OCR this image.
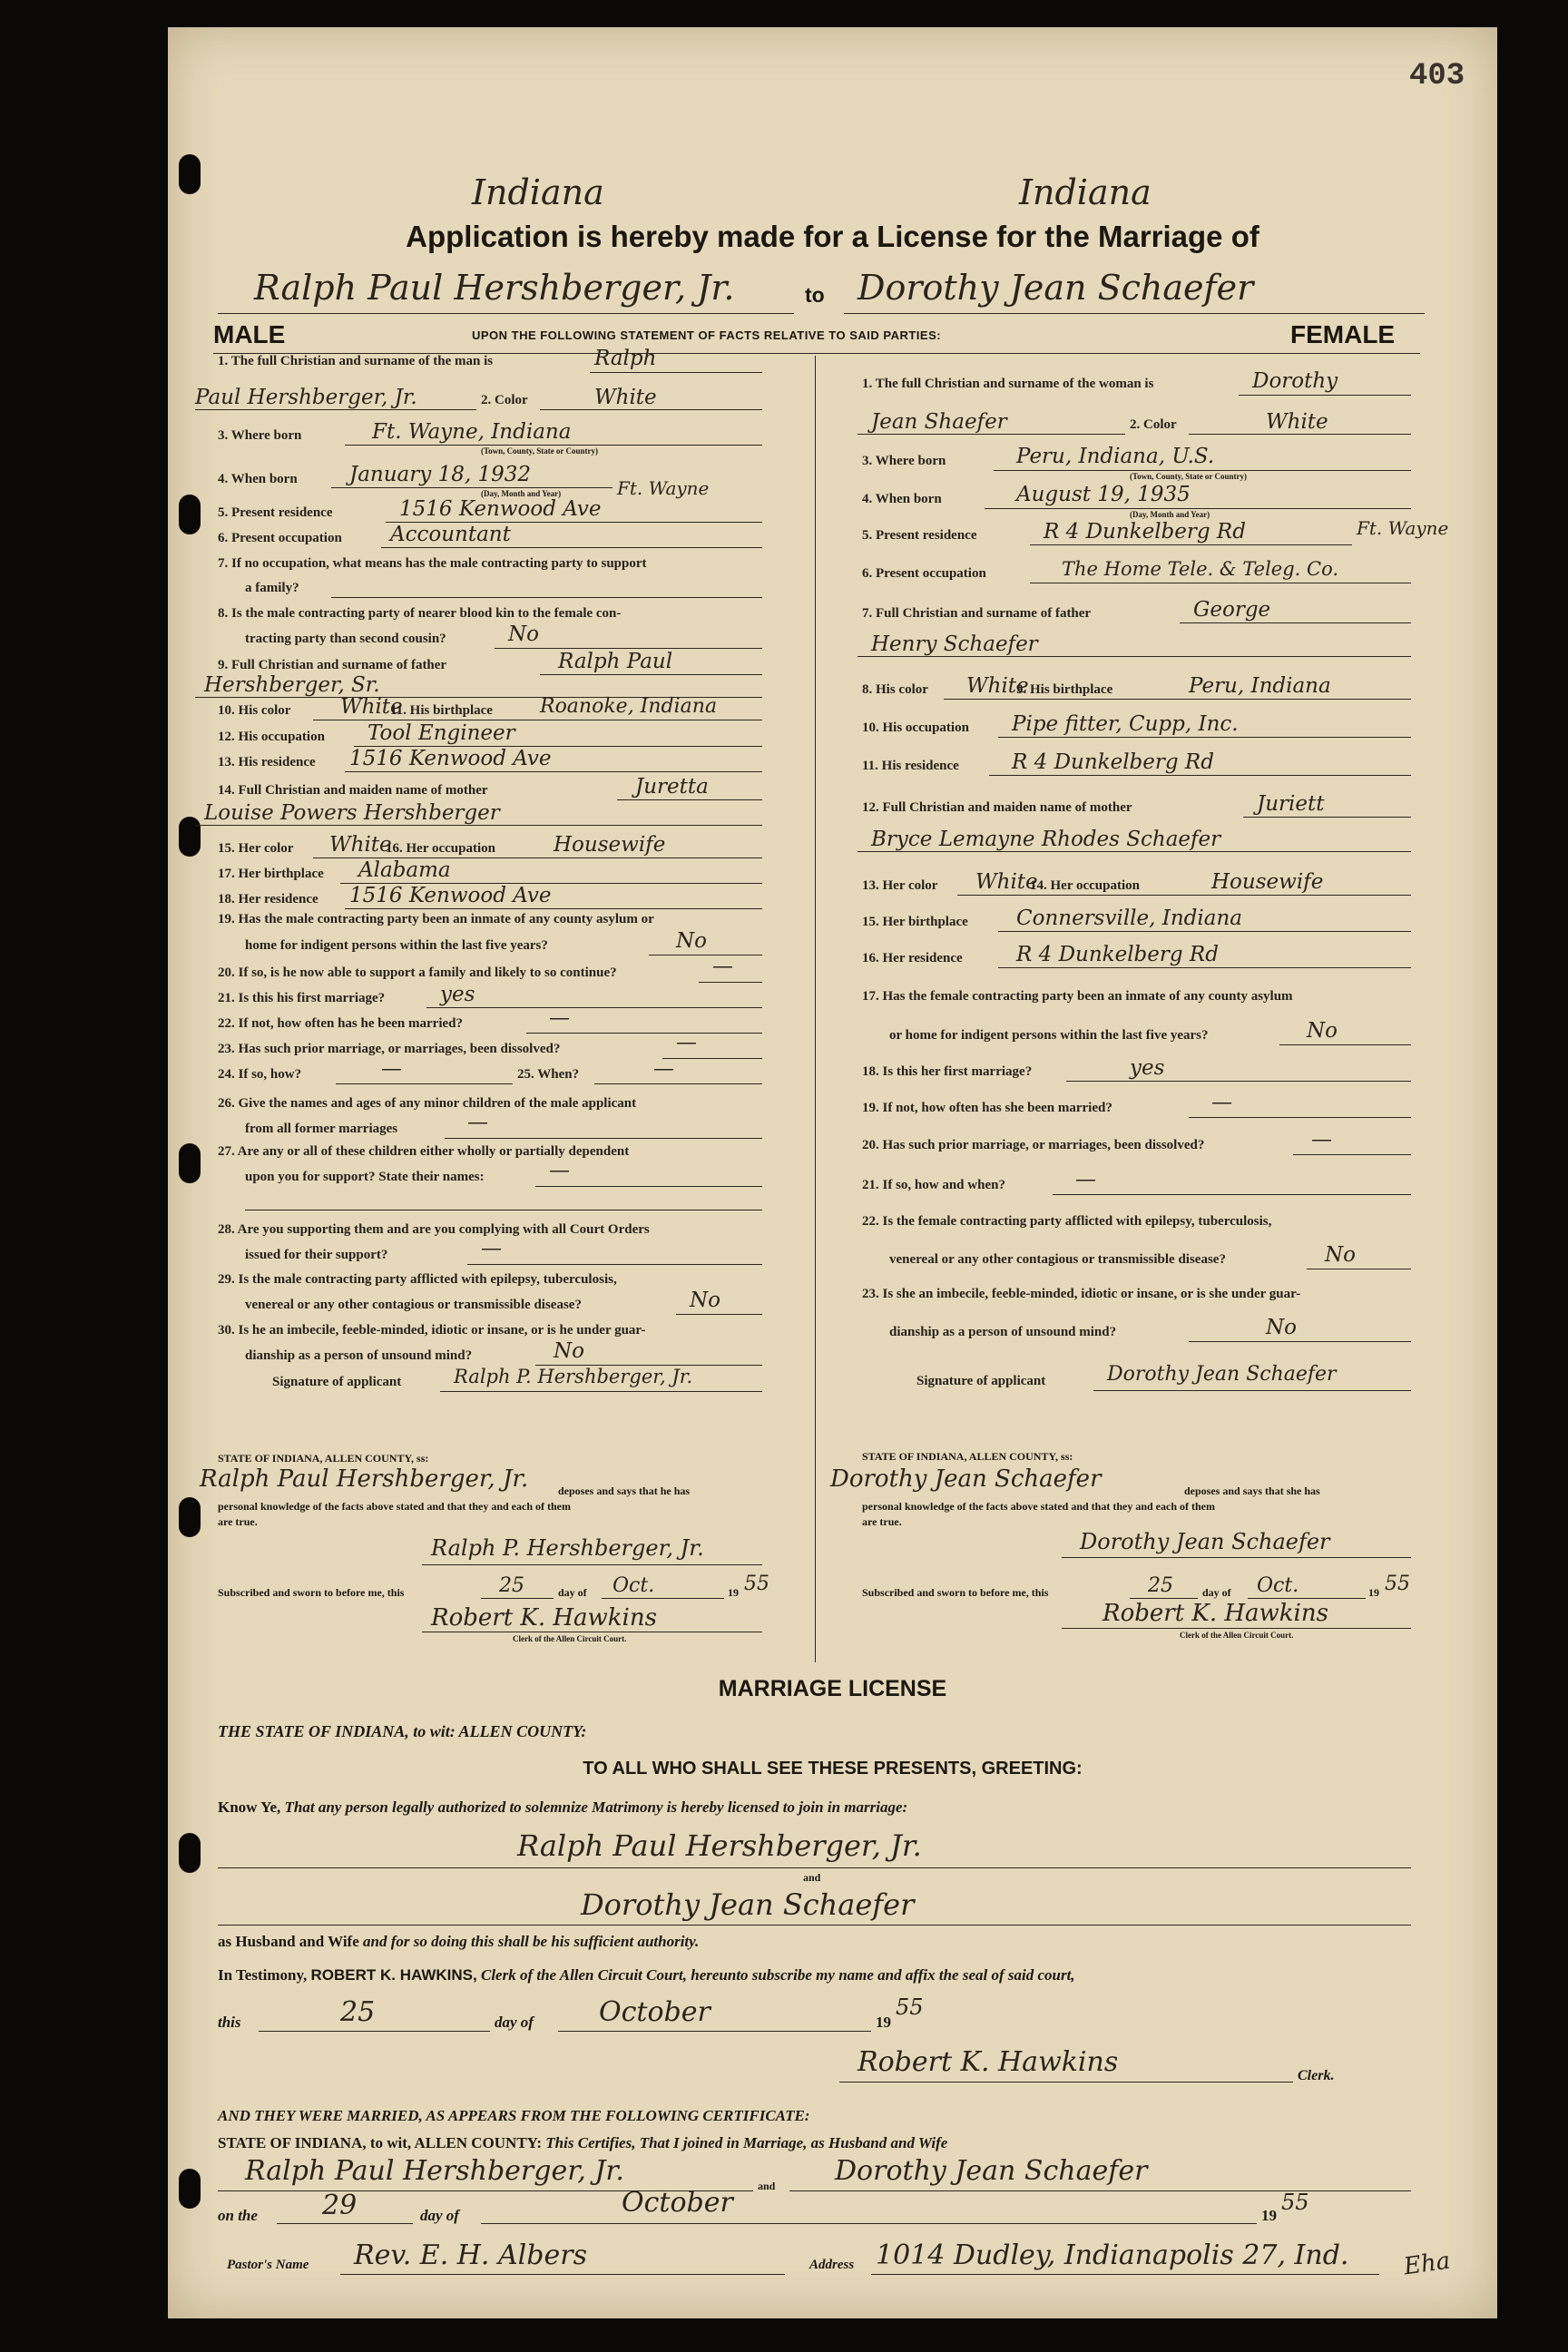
403
Indiana	Indiana
Application is hereby made for a License for the Marriage of
Ralph Paul Hershberger, Jr.	to Dorothy Jean Schaefer
MALE	UPON THE FOLLOWING STATEMENT OF FACTS RELATIVE TO SAID PARTIES:	FEMALE
1. The full Christian and surname of the man is	Ralph
Paul Hershberger, Jr.	2. Color	White
3. Where born	Ft. Wayne, Indiana
(Town, County, State or Country)
4. When born January 18, 1932
Ft. Wayne
(Day, Month and Year)
5. Present residence	1516 Kenwood Ave
6. Present occupation Accountant
7. If no occupation, what means has the male contracting party to support
a family?
8. Is the male contracting party of nearer blood kin to the female con-
tracting party than second cousin?	No
9. Full Christian and surname of father	Ralph Paul
Hershberger, Sr.
10. His color White
11. His birthplace Roanoke, Indiana
12. His occupation Tool Engineer
13. His residence 1516 Kenwood Ave
14. Full Christian and maiden name of mother	Juretta
Louise Powers Hershberger
15. Her color White
16. Her occupation	Housewife
17. Her birthplace Alabama
18. Her residence 1516 Kenwood Ave
19. Has the male contracting party been an inmate of any county asylum or
home for indigent persons within the last five years?	No
20. If so, is he now able to support a family and likely to so continue?	—
21. Is this his first marriage?	yes
22. If not, how often has he been married?	—
23. Has such prior marriage, or marriages, been dissolved?	—
24. If so, how?	—	25. When?	—
26. Give the names and ages of any minor children of the male applicant
from all former marriages	—
27. Are any or all of these children either wholly or partially dependent
upon you for support? State their names:	—
28. Are you supporting them and are you complying with all Court Orders
issued for their support?	—
29. Is the male contracting party afflicted with epilepsy, tuberculosis,
venereal or any other contagious or transmissible disease?	No
30. Is he an imbecile, feeble-minded, idiotic or insane, or is he under guar-
dianship as a person of unsound mind?	No
Signature of applicant	Ralph P. Hershberger, Jr.
1. The full Christian and surname of the woman is	Dorothy
Jean Shaefer	2. Color	White
3. Where born	Peru, Indiana, U.S.
(Town, County, State or Country)
4. When born	August 19, 1935
(Day, Month and Year)
5. Present residence	R 4 Dunkelberg Rd	Ft. Wayne
6. Present occupation	The Home Tele. & Teleg. Co.
7. Full Christian and surname of father	George
Henry Schaefer
8. His color White
9. His birthplace	Peru, Indiana
10. His occupation Pipe fitter, Cupp, Inc.
11. His residence	R 4 Dunkelberg Rd
12. Full Christian and maiden name of mother	Juriett
Bryce Lemayne Rhodes Schaefer
13. Her color White
14. Her occupation	Housewife
15. Her birthplace Connersville, Indiana
16. Her residence	R 4 Dunkelberg Rd
17. Has the female contracting party been an inmate of any county asylum
or home for indigent persons within the last five years?	No
18. Is this her first marriage?	yes
19. If not, how often has she been married?	—
20. Has such prior marriage, or marriages, been dissolved?	—
21. If so, how and when?	—
22. Is the female contracting party afflicted with epilepsy, tuberculosis,
venereal or any other contagious or transmissible disease?	No
23. Is she an imbecile, feeble-minded, idiotic or insane, or is she under guar-
dianship as a person of unsound mind?	No
Signature of applicant	Dorothy Jean Schaefer
STATE OF INDIANA, ALLEN COUNTY, ss:
Ralph Paul Hershberger, Jr.	deposes and says that he has
personal knowledge of the facts above stated and that they and each of them
are true.
Ralph P. Hershberger, Jr.
Subscribed and sworn to before me, this	25	day of Oct.	19 55
Robert K. Hawkins
Clerk of the Allen Circuit Court.
STATE OF INDIANA, ALLEN COUNTY, ss:
Dorothy Jean Schaefer	deposes and says that she has
personal knowledge of the facts above stated and that they and each of them
are true.
Dorothy Jean Schaefer
Subscribed and sworn to before me, this	25	day of Oct.	19 55
Robert K. Hawkins
Clerk of the Allen Circuit Court.
MARRIAGE LICENSE
THE STATE OF INDIANA, to wit: ALLEN COUNTY:
TO ALL WHO SHALL SEE THESE PRESENTS, GREETING:
Know Ye, That any person legally authorized to solemnize Matrimony is hereby licensed to join in marriage:
Ralph Paul Hershberger, Jr.
and
Dorothy Jean Schaefer
as Husband and Wife and for so doing this shall be his sufficient authority.
In Testimony, ROBERT K. HAWKINS, Clerk of the Allen Circuit Court, hereunto subscribe my name and affix the seal of said court,
this	25	day of October	19
55
Robert K. Hawkins	Clerk.
AND THEY WERE MARRIED, AS APPEARS FROM THE FOLLOWING CERTIFICATE:
STATE OF INDIANA, to wit, ALLEN COUNTY: This Certifies, That I joined in Marriage, as Husband and Wife
Ralph Paul Hershberger, Jr.	and Dorothy Jean Schaefer
on the 29	day of	October	19
55
Pastor's Name Rev. E. H. Albers	Address 1014 Dudley, Indianapolis 27, Ind. Eha
